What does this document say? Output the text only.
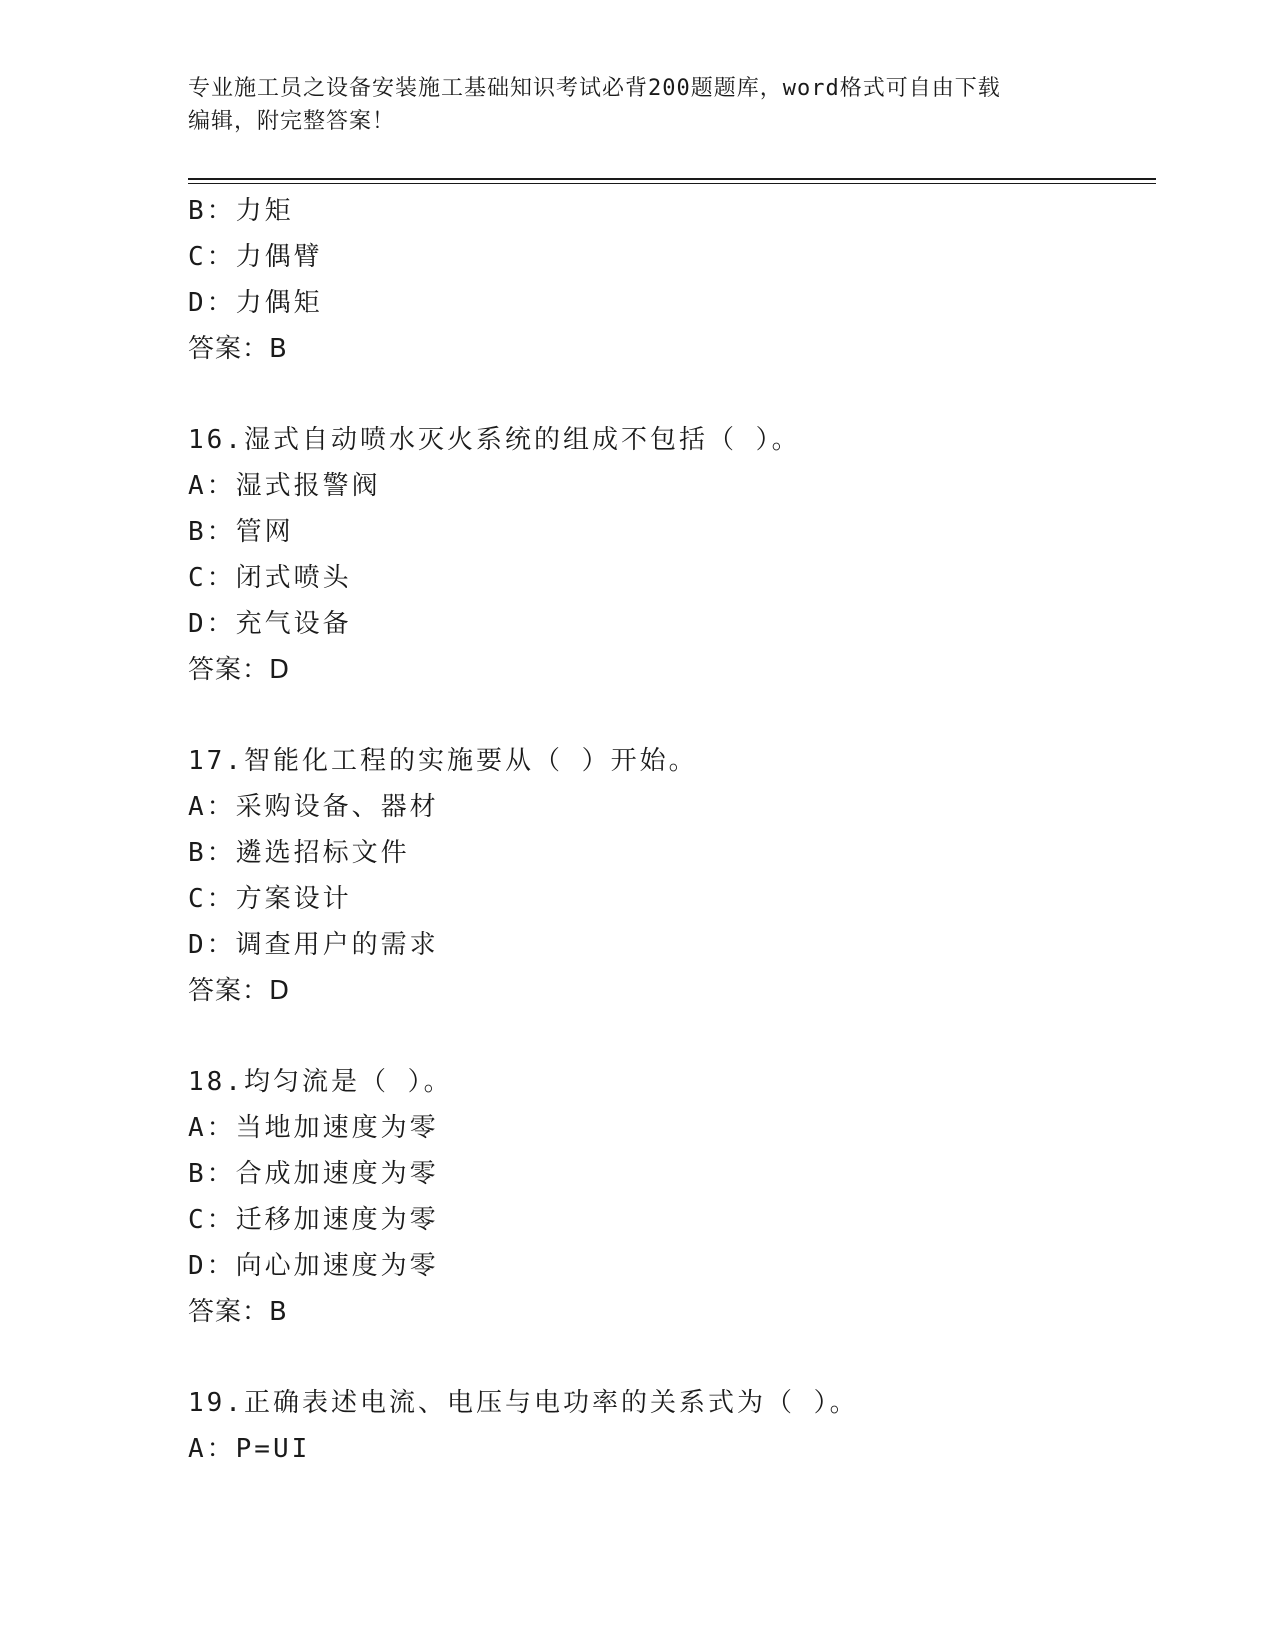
专业施工员之设备安装施工基础知识考试必背200题题库，word格式可自由下载
编辑，附完整答案！
B：力矩
C：力偶臂
D：力偶矩
答案：B
16.湿式自动喷水灭火系统的组成不包括（ ）。
A：湿式报警阀
B：管网
C：闭式喷头
D：充气设备
答案：D
17.智能化工程的实施要从（ ）开始。
A：采购设备、器材
B：遴选招标文件
C：方案设计
D：调查用户的需求
答案：D
18.均匀流是（ ）。
A：当地加速度为零
B：合成加速度为零
C：迁移加速度为零
D：向心加速度为零
答案：B
19.正确表述电流、电压与电功率的关系式为（ ）。
A：P=UI
